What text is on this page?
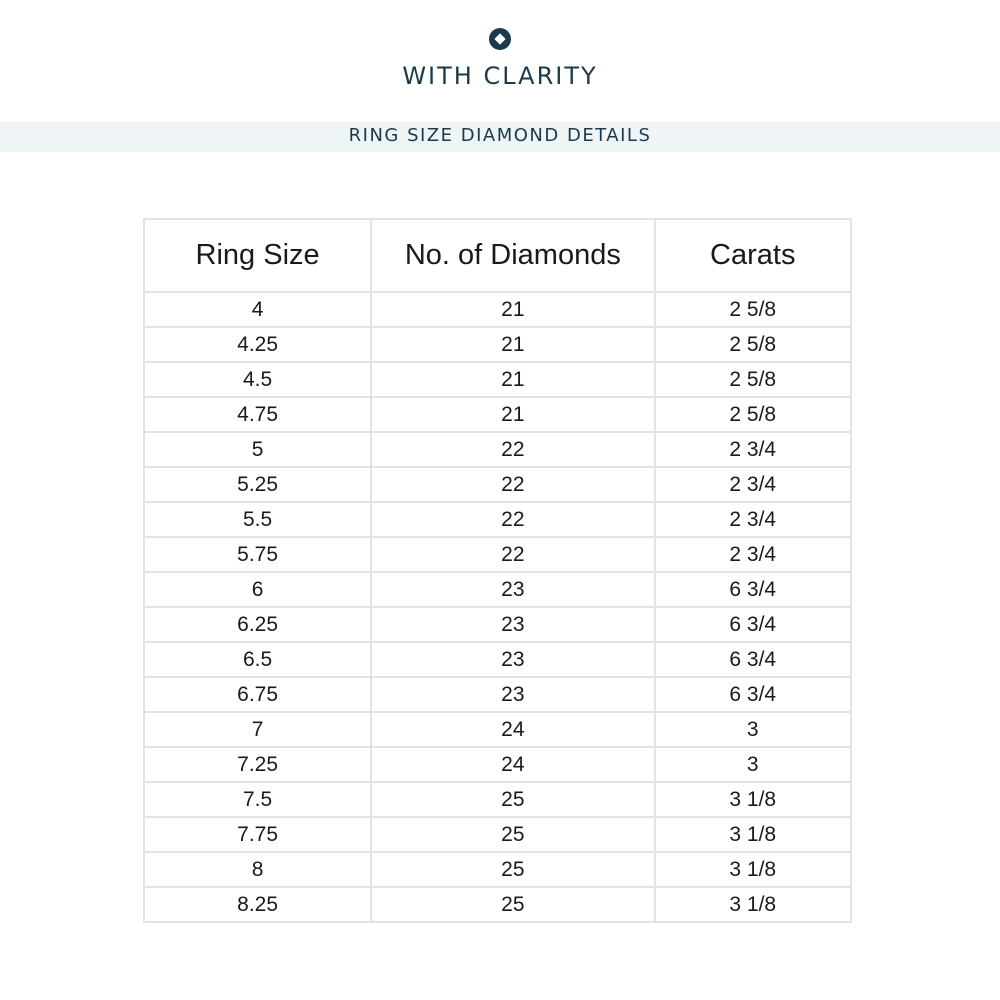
WITH CLARITY
RING SIZE DIAMOND DETAILS
Ring Size	No. of Diamonds	Carats
4	21	2 5/8
4.25	21	2 5/8
4.5	21	2 5/8
4.75	21	2 5/8
5	22	2 3/4
5.25	22	2 3/4
5.5	22	2 3/4
5.75	22	2 3/4
6	23	6 3/4
6.25	23	6 3/4
6.5	23	6 3/4
6.75	23	6 3/4
7	24	3
7.25	24	3
7.5	25	3 1/8
7.75	25	3 1/8
8	25	3 1/8
8.25	25	3 1/8
